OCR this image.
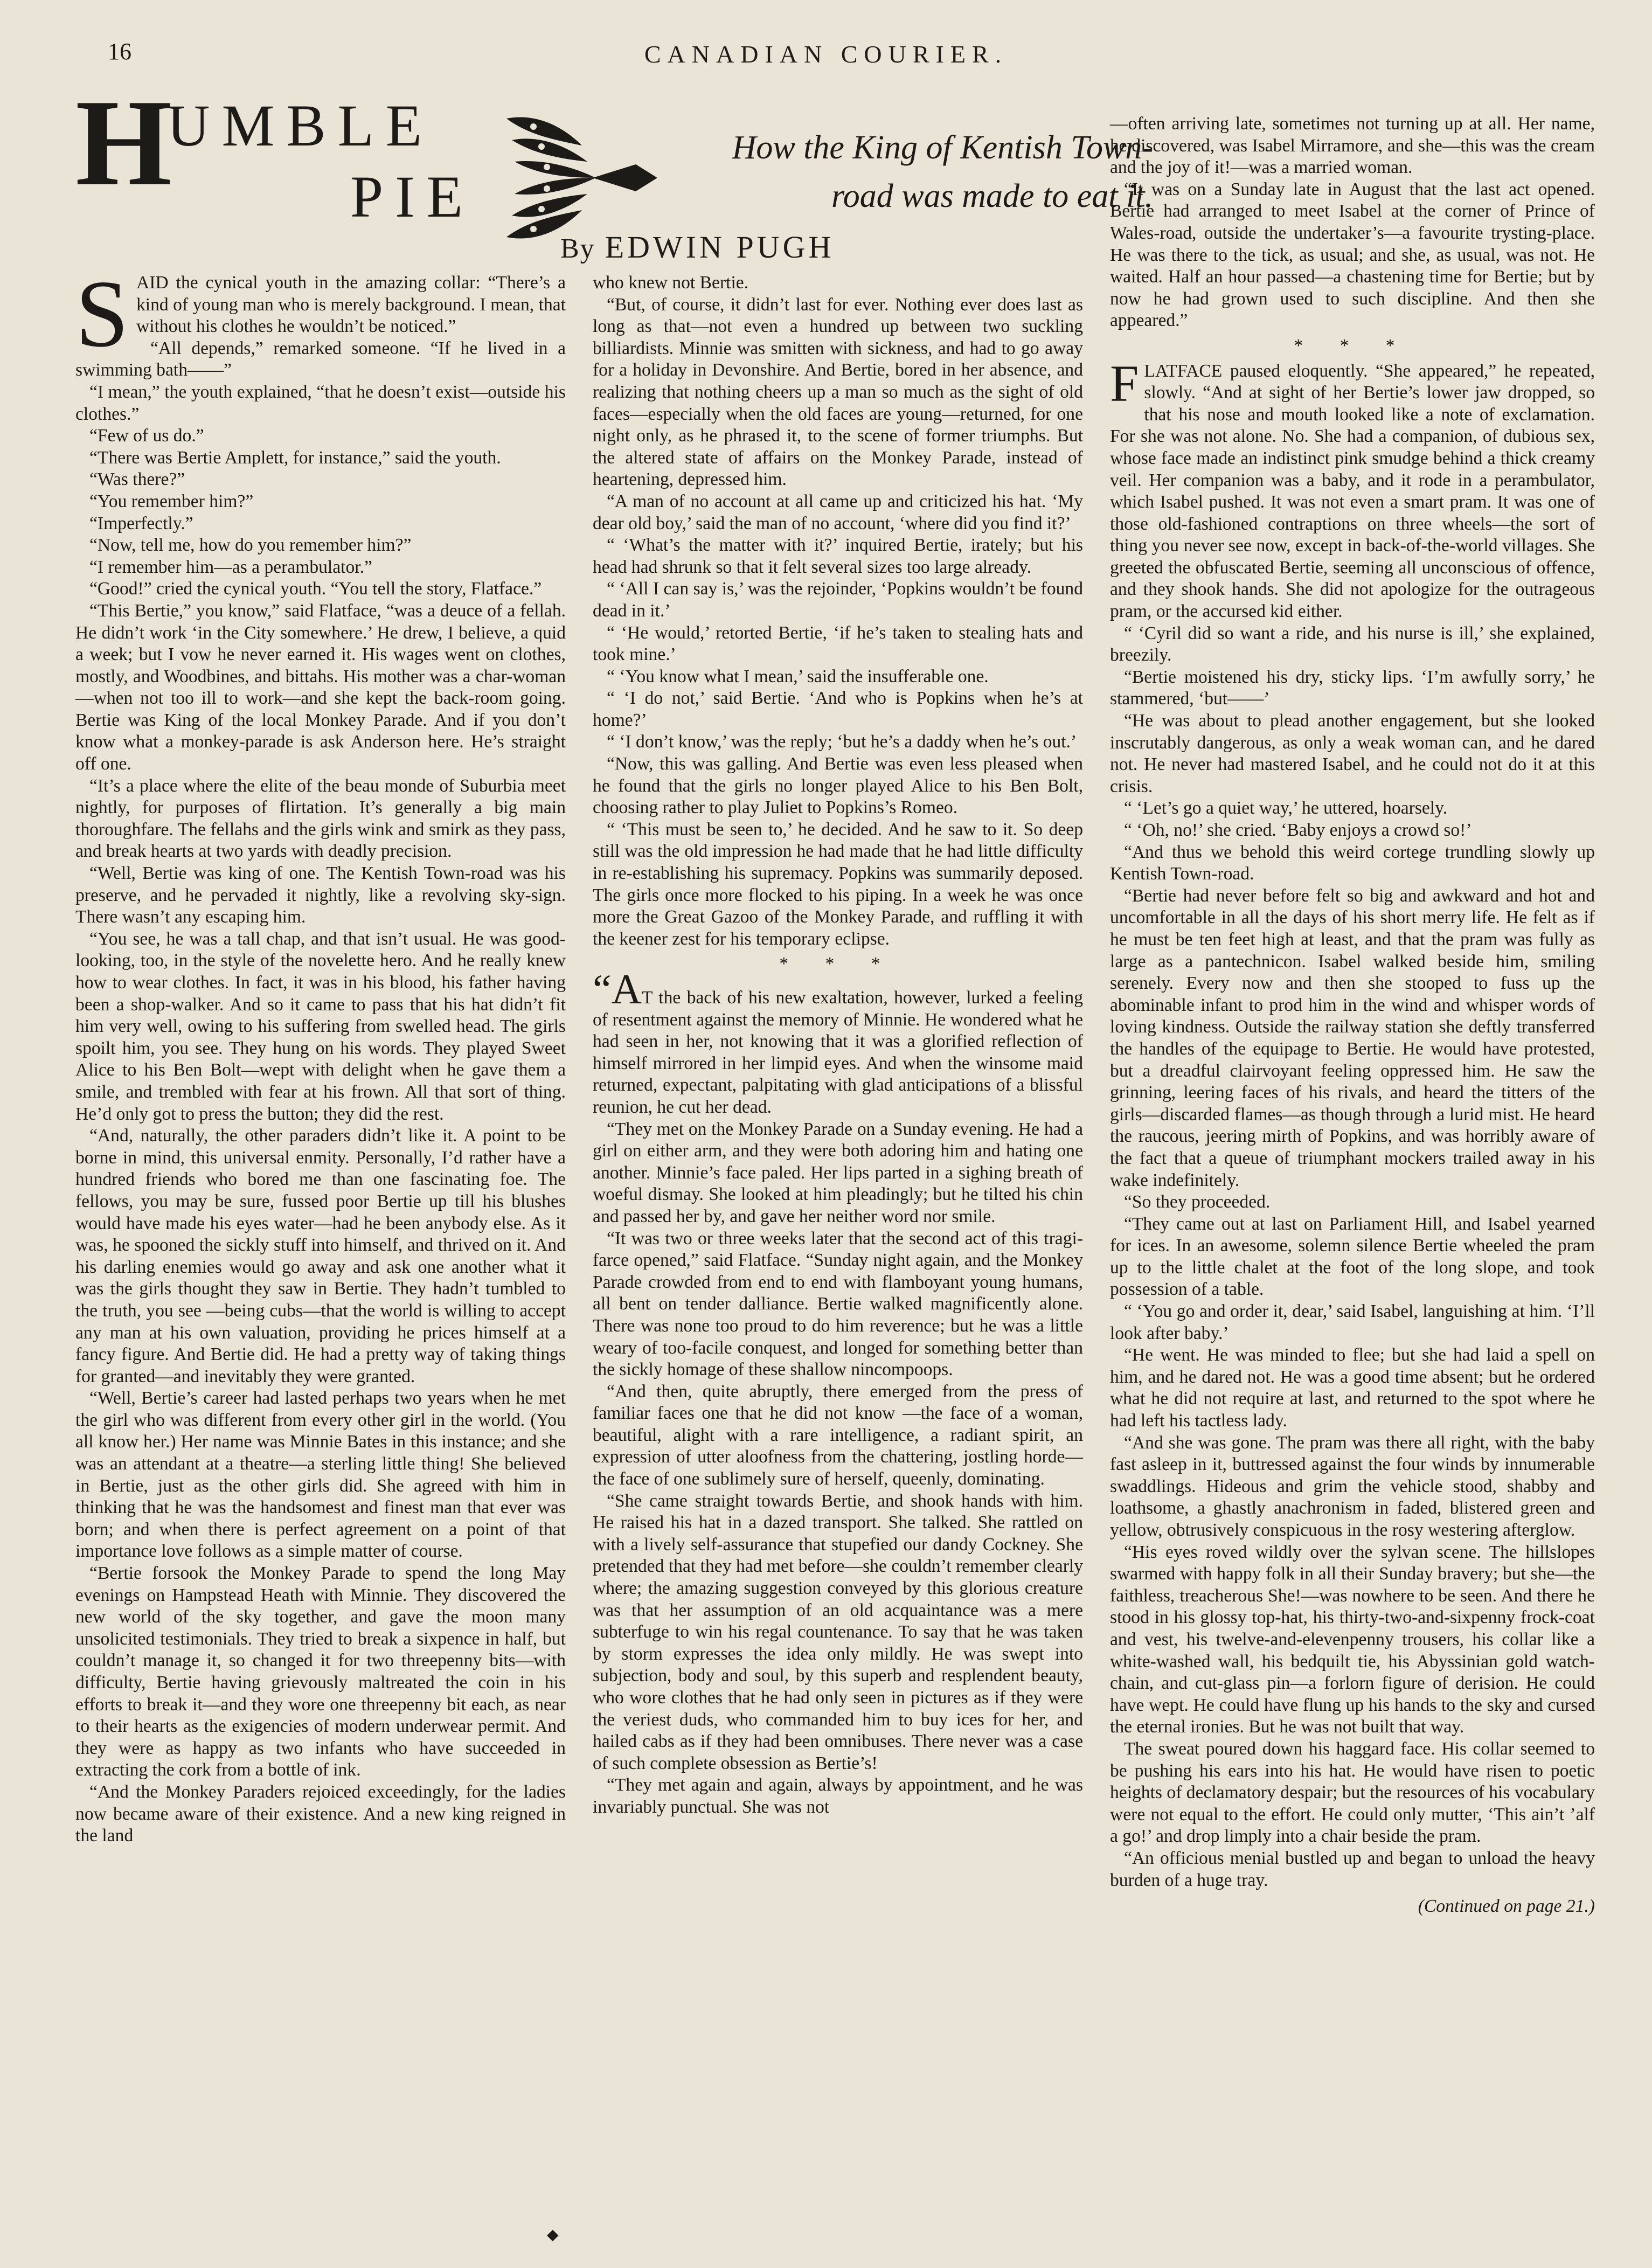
16	CANADIAN COURIER.
H
UMBLE
PIE
How the King of Kentish Town-
road was made to eat it.
By EDWIN PUGH

SAID the cynical youth in the amazing collar: “There’s a kind of young man who is merely background. I mean, that without his clothes he wouldn’t be noticed.”

“All depends,” remarked someone. “If he lived in a swimming bath——”

“I mean,” the youth explained, “that he doesn’t exist—outside his clothes.”

“Few of us do.”

“There was Bertie Amplett, for instance,” said the youth.

“Was there?”

“You remember him?”

“Imperfectly.”

“Now, tell me, how do you remember him?”

“I remember him—as a perambulator.”

“Good!” cried the cynical youth. “You tell the story, Flatface.”

“This Bertie,” you know,” said Flatface, “was a deuce of a fellah. He didn’t work ‘in the City somewhere.’ He drew, I believe, a quid a week; but I vow he never earned it. His wages went on clothes, mostly, and Woodbines, and bittahs. His mother was a char-woman—when not too ill to work—and she kept the back-room going. Bertie was King of the local Monkey Parade. And if you don’t know what a monkey-parade is ask Anderson here. He’s straight off one.

“It’s a place where the elite of the beau monde of Suburbia meet nightly, for purposes of flirtation. It’s generally a big main thoroughfare. The fellahs and the girls wink and smirk as they pass, and break hearts at two yards with deadly precision.

“Well, Bertie was king of one. The Kentish Town-road was his preserve, and he pervaded it nightly, like a revolving sky-sign. There wasn’t any escaping him.

“You see, he was a tall chap, and that isn’t usual. He was good-looking, too, in the style of the novelette hero. And he really knew how to wear clothes. In fact, it was in his blood, his father having been a shop-walker. And so it came to pass that his hat didn’t fit him very well, owing to his suffering from swelled head. The girls spoilt him, you see. They hung on his words. They played Sweet Alice to his Ben Bolt—wept with delight when he gave them a smile, and trembled with fear at his frown. All that sort of thing. He’d only got to press the button; they did the rest.

“And, naturally, the other paraders didn’t like it. A point to be borne in mind, this universal enmity. Personally, I’d rather have a hundred friends who bored me than one fascinating foe. The fellows, you may be sure, fussed poor Bertie up till his blushes would have made his eyes water—had he been anybody else. As it was, he spooned the sickly stuff into himself, and thrived on it. And his darling enemies would go away and ask one another what it was the girls thought they saw in Bertie. They hadn’t tumbled to the truth, you see —being cubs—that the world is willing to accept any man at his own valuation, providing he prices himself at a fancy figure. And Bertie did. He had a pretty way of taking things for granted—and inevitably they were granted.

“Well, Bertie’s career had lasted perhaps two years when he met the girl who was different from every other girl in the world. (You all know her.) Her name was Minnie Bates in this instance; and she was an attendant at a theatre—a sterling little thing! She believed in Bertie, just as the other girls did. She agreed with him in thinking that he was the handsomest and finest man that ever was born; and when there is perfect agreement on a point of that importance love follows as a simple matter of course.

“Bertie forsook the Monkey Parade to spend the long May evenings on Hampstead Heath with Minnie. They discovered the new world of the sky together, and gave the moon many unsolicited testimonials. They tried to break a sixpence in half, but couldn’t manage it, so changed it for two threepenny bits—with difficulty, Bertie having grievously maltreated the coin in his efforts to break it—and they wore one threepenny bit each, as near to their hearts as the exigencies of modern underwear permit. And they were as happy as two infants who have succeeded in extracting the cork from a bottle of ink.

“And the Monkey Paraders rejoiced exceedingly, for the ladies now became aware of their existence. And a new king reigned in the land

who knew not Bertie.

“But, of course, it didn’t last for ever. Nothing ever does last as long as that—not even a hundred up between two suckling billiardists. Minnie was smitten with sickness, and had to go away for a holiday in Devonshire. And Bertie, bored in her absence, and realizing that nothing cheers up a man so much as the sight of old faces—especially when the old faces are young—returned, for one night only, as he phrased it, to the scene of former triumphs. But the altered state of affairs on the Monkey Parade, instead of heartening, depressed him.

“A man of no account at all came up and criticized his hat. ‘My dear old boy,’ said the man of no account, ‘where did you find it?’

“ ‘What’s the matter with it?’ inquired Bertie, irately; but his head had shrunk so that it felt several sizes too large already.

“ ‘All I can say is,’ was the rejoinder, ‘Popkins wouldn’t be found dead in it.’

“ ‘He would,’ retorted Bertie, ‘if he’s taken to stealing hats and took mine.’

“ ‘You know what I mean,’ said the insufferable one.

“ ‘I do not,’ said Bertie. ‘And who is Popkins when he’s at home?’

“ ‘I don’t know,’ was the reply; ‘but he’s a daddy when he’s out.’

“Now, this was galling. And Bertie was even less pleased when he found that the girls no longer played Alice to his Ben Bolt, choosing rather to play Juliet to Popkins’s Romeo.

“ ‘This must be seen to,’ he decided. And he saw to it. So deep still was the old impression he had made that he had little difficulty in re-establishing his supremacy. Popkins was summarily deposed. The girls once more flocked to his piping. In a week he was once more the Great Gazoo of the Monkey Parade, and ruffling it with the keener zest for his temporary eclipse.

* * *

“AT the back of his new exaltation, however, lurked a feeling of resentment against the memory of Minnie. He wondered what he had seen in her, not knowing that it was a glorified reflection of himself mirrored in her limpid eyes. And when the winsome maid returned, expectant, palpitating with glad anticipations of a blissful reunion, he cut her dead.

“They met on the Monkey Parade on a Sunday evening. He had a girl on either arm, and they were both adoring him and hating one another. Minnie’s face paled. Her lips parted in a sighing breath of woeful dismay. She looked at him pleadingly; but he tilted his chin and passed her by, and gave her neither word nor smile.

“It was two or three weeks later that the second act of this tragi-farce opened,” said Flatface. “Sunday night again, and the Monkey Parade crowded from end to end with flamboyant young humans, all bent on tender dalliance. Bertie walked magnificently alone. There was none too proud to do him reverence; but he was a little weary of too-facile conquest, and longed for something better than the sickly homage of these shallow nincompoops.

“And then, quite abruptly, there emerged from the press of familiar faces one that he did not know —the face of a woman, beautiful, alight with a rare intelligence, a radiant spirit, an expression of utter aloofness from the chattering, jostling horde—the face of one sublimely sure of herself, queenly, dominating.

“She came straight towards Bertie, and shook hands with him. He raised his hat in a dazed transport. She talked. She rattled on with a lively self-assurance that stupefied our dandy Cockney. She pretended that they had met before—she couldn’t remember clearly where; the amazing suggestion conveyed by this glorious creature was that her assumption of an old acquaintance was a mere subterfuge to win his regal countenance. To say that he was taken by storm expresses the idea only mildly. He was swept into subjection, body and soul, by this superb and resplendent beauty, who wore clothes that he had only seen in pictures as if they were the veriest duds, who commanded him to buy ices for her, and hailed cabs as if they had been omnibuses. There never was a case of such complete obsession as Bertie’s!

“They met again and again, always by appointment, and he was invariably punctual. She was not

—often arriving late, sometimes not turning up at all. Her name, he discovered, was Isabel Mirramore, and she—this was the cream and the joy of it!—was a married woman.

“It was on a Sunday late in August that the last act opened. Bertie had arranged to meet Isabel at the corner of Prince of Wales-road, outside the undertaker’s—a favourite trysting-place. He was there to the tick, as usual; and she, as usual, was not. He waited. Half an hour passed—a chastening time for Bertie; but by now he had grown used to such discipline. And then she appeared.”

* * *

FLATFACE paused eloquently. “She appeared,” he repeated, slowly. “And at sight of her Bertie’s lower jaw dropped, so that his nose and mouth looked like a note of exclamation. For she was not alone. No. She had a companion, of dubious sex, whose face made an indistinct pink smudge behind a thick creamy veil. Her companion was a baby, and it rode in a perambulator, which Isabel pushed. It was not even a smart pram. It was one of those old-fashioned contraptions on three wheels—the sort of thing you never see now, except in back-of-the-world villages. She greeted the obfuscated Bertie, seeming all unconscious of offence, and they shook hands. She did not apologize for the outrageous pram, or the accursed kid either.

“ ‘Cyril did so want a ride, and his nurse is ill,’ she explained, breezily.

“Bertie moistened his dry, sticky lips. ‘I’m awfully sorry,’ he stammered, ‘but——’

“He was about to plead another engagement, but she looked inscrutably dangerous, as only a weak woman can, and he dared not. He never had mastered Isabel, and he could not do it at this crisis.

“ ‘Let’s go a quiet way,’ he uttered, hoarsely.

“ ‘Oh, no!’ she cried. ‘Baby enjoys a crowd so!’

“And thus we behold this weird cortege trundling slowly up Kentish Town-road.

“Bertie had never before felt so big and awkward and hot and uncomfortable in all the days of his short merry life. He felt as if he must be ten feet high at least, and that the pram was fully as large as a pantechnicon. Isabel walked beside him, smiling serenely. Every now and then she stooped to fuss up the abominable infant to prod him in the wind and whisper words of loving kindness. Outside the railway station she deftly transferred the handles of the equipage to Bertie. He would have protested, but a dreadful clairvoyant feeling oppressed him. He saw the grinning, leering faces of his rivals, and heard the titters of the girls—discarded flames—as though through a lurid mist. He heard the raucous, jeering mirth of Popkins, and was horribly aware of the fact that a queue of triumphant mockers trailed away in his wake indefinitely.

“So they proceeded.

“They came out at last on Parliament Hill, and Isabel yearned for ices. In an awesome, solemn silence Bertie wheeled the pram up to the little chalet at the foot of the long slope, and took possession of a table.

“ ‘You go and order it, dear,’ said Isabel, languishing at him. ‘I’ll look after baby.’

“He went. He was minded to flee; but she had laid a spell on him, and he dared not. He was a good time absent; but he ordered what he did not require at last, and returned to the spot where he had left his tactless lady.

“And she was gone. The pram was there all right, with the baby fast asleep in it, buttressed against the four winds by innumerable swaddlings. Hideous and grim the vehicle stood, shabby and loathsome, a ghastly anachronism in faded, blistered green and yellow, obtrusively conspicuous in the rosy westering afterglow.

“His eyes roved wildly over the sylvan scene. The hillslopes swarmed with happy folk in all their Sunday bravery; but she—the faithless, treacherous She!—was nowhere to be seen. And there he stood in his glossy top-hat, his thirty-two-and-sixpenny frock-coat and vest, his twelve-and-elevenpenny trousers, his collar like a white-washed wall, his bedquilt tie, his Abyssinian gold watch-chain, and cut-glass pin—a forlorn figure of derision. He could have wept. He could have flung up his hands to the sky and cursed the eternal ironies. But he was not built that way.

The sweat poured down his haggard face. His collar seemed to be pushing his ears into his hat. He would have risen to poetic heights of declamatory despair; but the resources of his vocabulary were not equal to the effort. He could only mutter, ‘This ain’t ’alf a go!’ and drop limply into a chair beside the pram.

“An officious menial bustled up and began to unload the heavy burden of a huge tray.

(Continued on page 21.)

◆
